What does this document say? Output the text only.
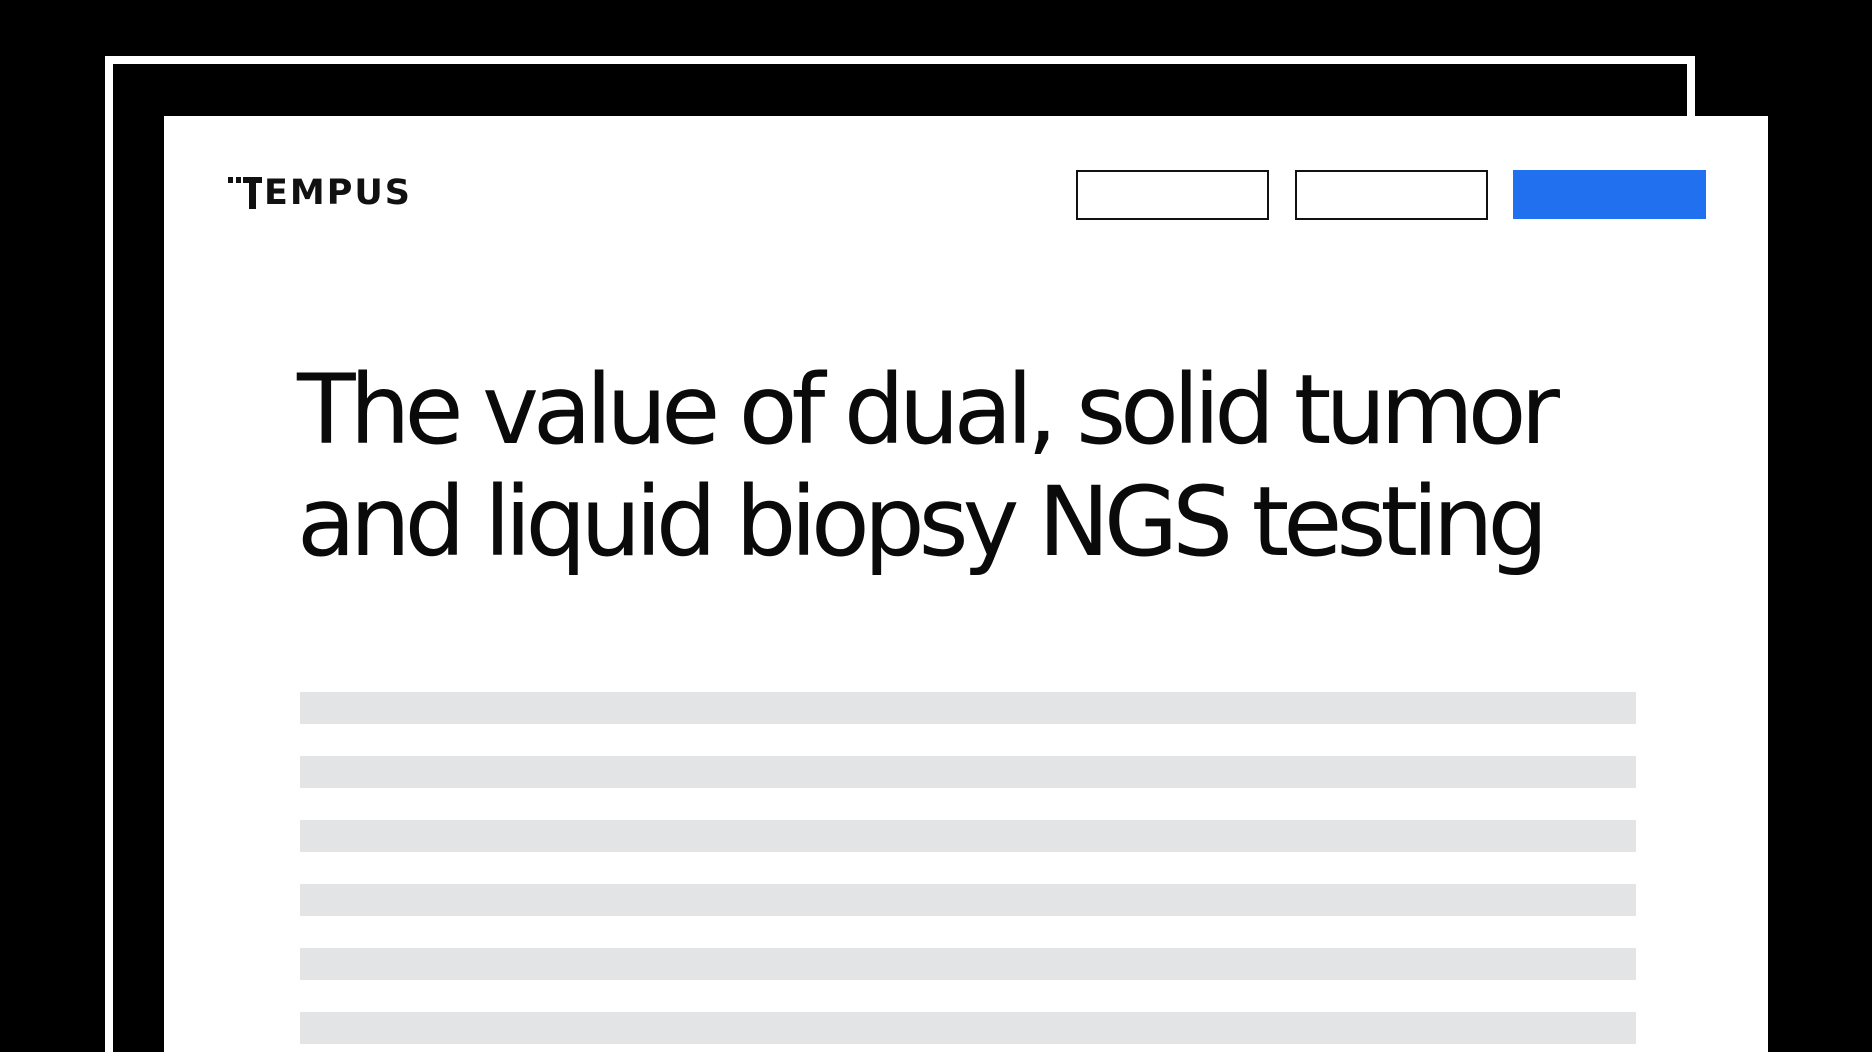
EMPUS
The value of dual, solid tumor
and liquid biopsy NGS testing
